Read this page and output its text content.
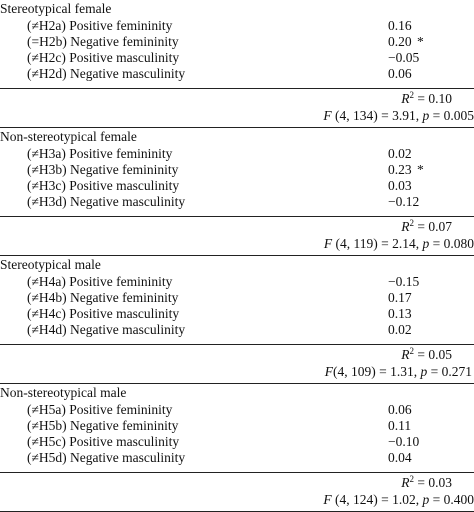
Stereotypical female
(≠H2a) Positive femininity	0.16
(=H2b) Negative femininity	0.20 *
(≠H2c) Positive masculinity	−0.05
(≠H2d) Negative masculinity	0.06
$R^2 = 0.10$
F (4, 134) = 3.91, p = 0.005
Non-stereotypical female
(≠H3a) Positive femininity	0.02
(≠H3b) Negative femininity	0.23 *
(≠H3c) Positive masculinity	0.03
(≠H3d) Negative masculinity	−0.12
$R^2 = 0.07$
F (4, 119) = 2.14, p = 0.080
Stereotypical male
(≠H4a) Positive femininity	−0.15
(≠H4b) Negative femininity	0.17
(≠H4c) Positive masculinity	0.13
(≠H4d) Negative masculinity	0.02
$R^2 = 0.05$
F(4, 109) = 1.31, p = 0.271
Non-stereotypical male
(≠H5a) Positive femininity	0.06
(≠H5b) Negative femininity	0.11
(≠H5c) Positive masculinity	−0.10
(≠H5d) Negative masculinity	0.04
$R^2 = 0.03$
F (4, 124) = 1.02, p = 0.400
